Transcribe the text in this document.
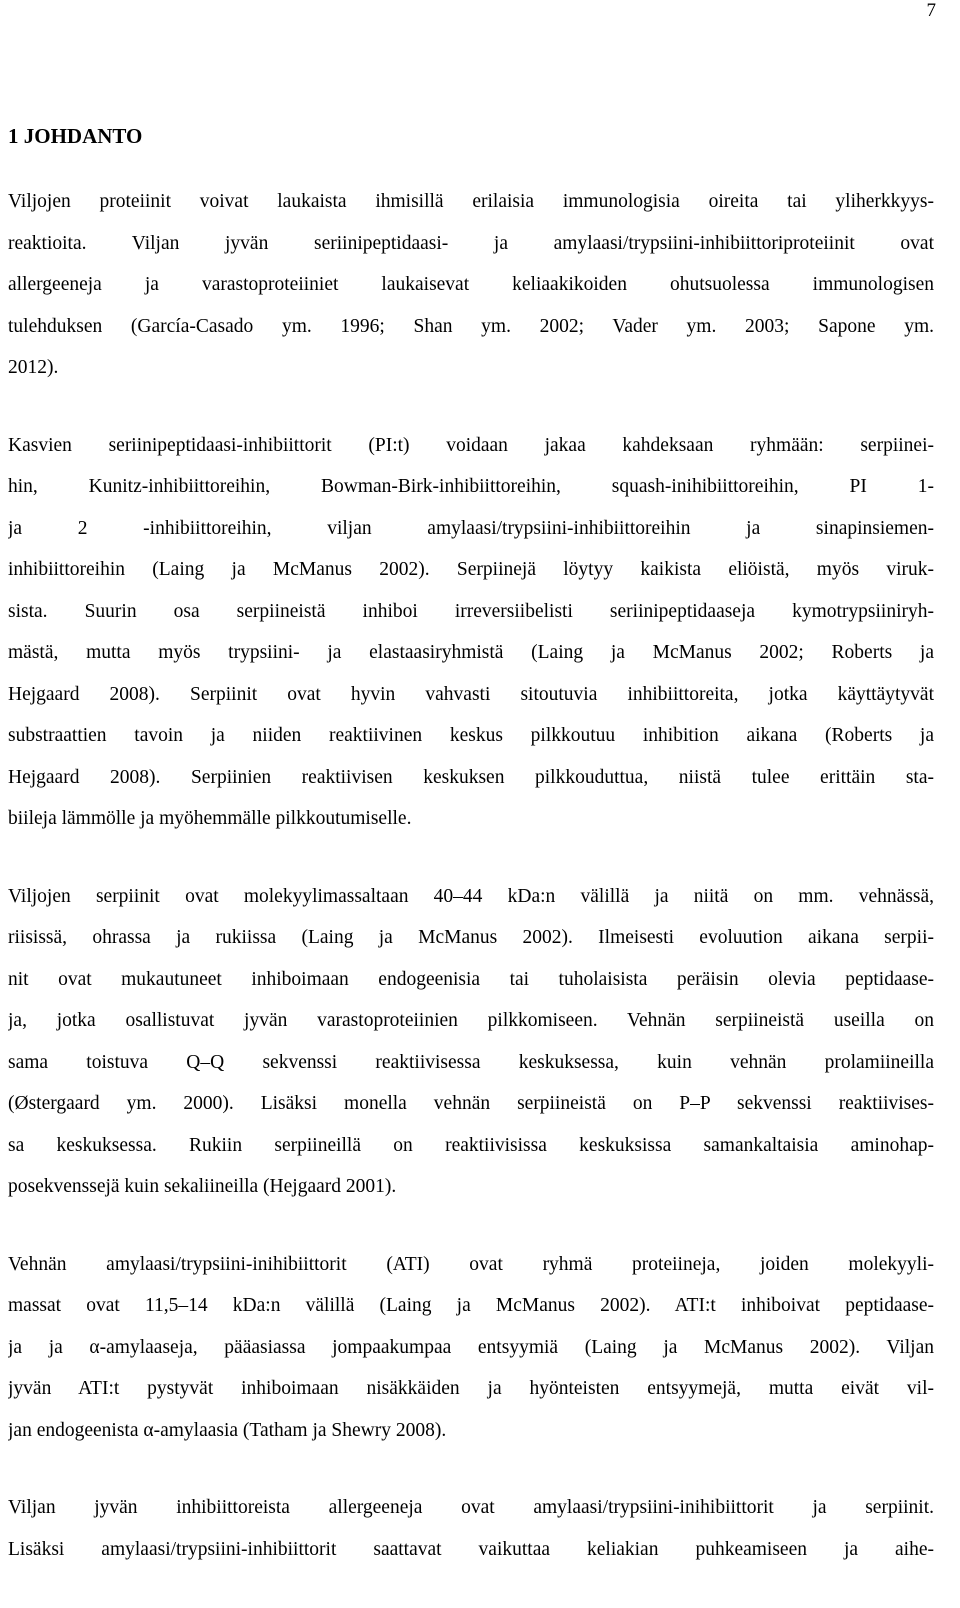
7
1 JOHDANTO

Viljojen proteiinit voivat laukaista ihmisillä erilaisia immunologisia oireita tai yliherkkyys-
reaktioita. Viljan jyvän seriinipeptidaasi- ja amylaasi/trypsiini-inhibiittoriproteiinit ovat
allergeeneja ja varastoproteiiniet laukaisevat keliaakikoiden ohutsuolessa immunologisen
tulehduksen (García-Casado ym. 1996; Shan ym. 2002; Vader ym. 2003; Sapone ym.
2012).

Kasvien seriinipeptidaasi-inhibiittorit (PI:t) voidaan jakaa kahdeksaan ryhmään: serpiinei-
hin, Kunitz-inhibiittoreihin, Bowman-Birk-inhibiittoreihin, squash-inihibiittoreihin, PI 1-
ja 2 -inhibiittoreihin, viljan amylaasi/trypsiini-inhibiittoreihin ja sinapinsiemen-
inhibiittoreihin (Laing ja McManus 2002). Serpiinejä löytyy kaikista eliöistä, myös viruk-
sista. Suurin osa serpiineistä inhiboi irreversiibelisti seriinipeptidaaseja kymotrypsiiniryh-
mästä, mutta myös trypsiini- ja elastaasiryhmistä (Laing ja McManus 2002; Roberts ja
Hejgaard 2008). Serpiinit ovat hyvin vahvasti sitoutuvia inhibiittoreita, jotka käyttäytyvät
substraattien tavoin ja niiden reaktiivinen keskus pilkkoutuu inhibition aikana (Roberts ja
Hejgaard 2008). Serpiinien reaktiivisen keskuksen pilkkouduttua, niistä tulee erittäin sta-
biileja lämmölle ja myöhemmälle pilkkoutumiselle.

Viljojen serpiinit ovat molekyylimassaltaan 40–44 kDa:n välillä ja niitä on mm. vehnässä,
riisissä, ohrassa ja rukiissa (Laing ja McManus 2002). Ilmeisesti evoluution aikana serpii-
nit ovat mukautuneet inhiboimaan endogeenisia tai tuholaisista peräisin olevia peptidaase-
ja, jotka osallistuvat jyvän varastoproteiinien pilkkomiseen. Vehnän serpiineistä useilla on
sama toistuva Q–Q sekvenssi reaktiivisessa keskuksessa, kuin vehnän prolamiineilla
(Østergaard ym. 2000). Lisäksi monella vehnän serpiineistä on P–P sekvenssi reaktiivises-
sa keskuksessa. Rukiin serpiineillä on reaktiivisissa keskuksissa samankaltaisia aminohap-
posekvenssejä kuin sekaliineilla (Hejgaard 2001).

Vehnän amylaasi/trypsiini-inihibiittorit (ATI) ovat ryhmä proteiineja, joiden molekyyli-
massat ovat 11,5–14 kDa:n välillä (Laing ja McManus 2002). ATI:t inhiboivat peptidaase-
ja ja α-amylaaseja, pääasiassa jompaakumpaa entsyymiä (Laing ja McManus 2002). Viljan
jyvän ATI:t pystyvät inhiboimaan nisäkkäiden ja hyönteisten entsyymejä, mutta eivät vil-
jan endogeenista α-amylaasia (Tatham ja Shewry 2008).

Viljan jyvän inhibiittoreista allergeeneja ovat amylaasi/trypsiini-inihibiittorit ja serpiinit.
Lisäksi amylaasi/trypsiini-inhibiittorit saattavat vaikuttaa keliakian puhkeamiseen ja aihe-
